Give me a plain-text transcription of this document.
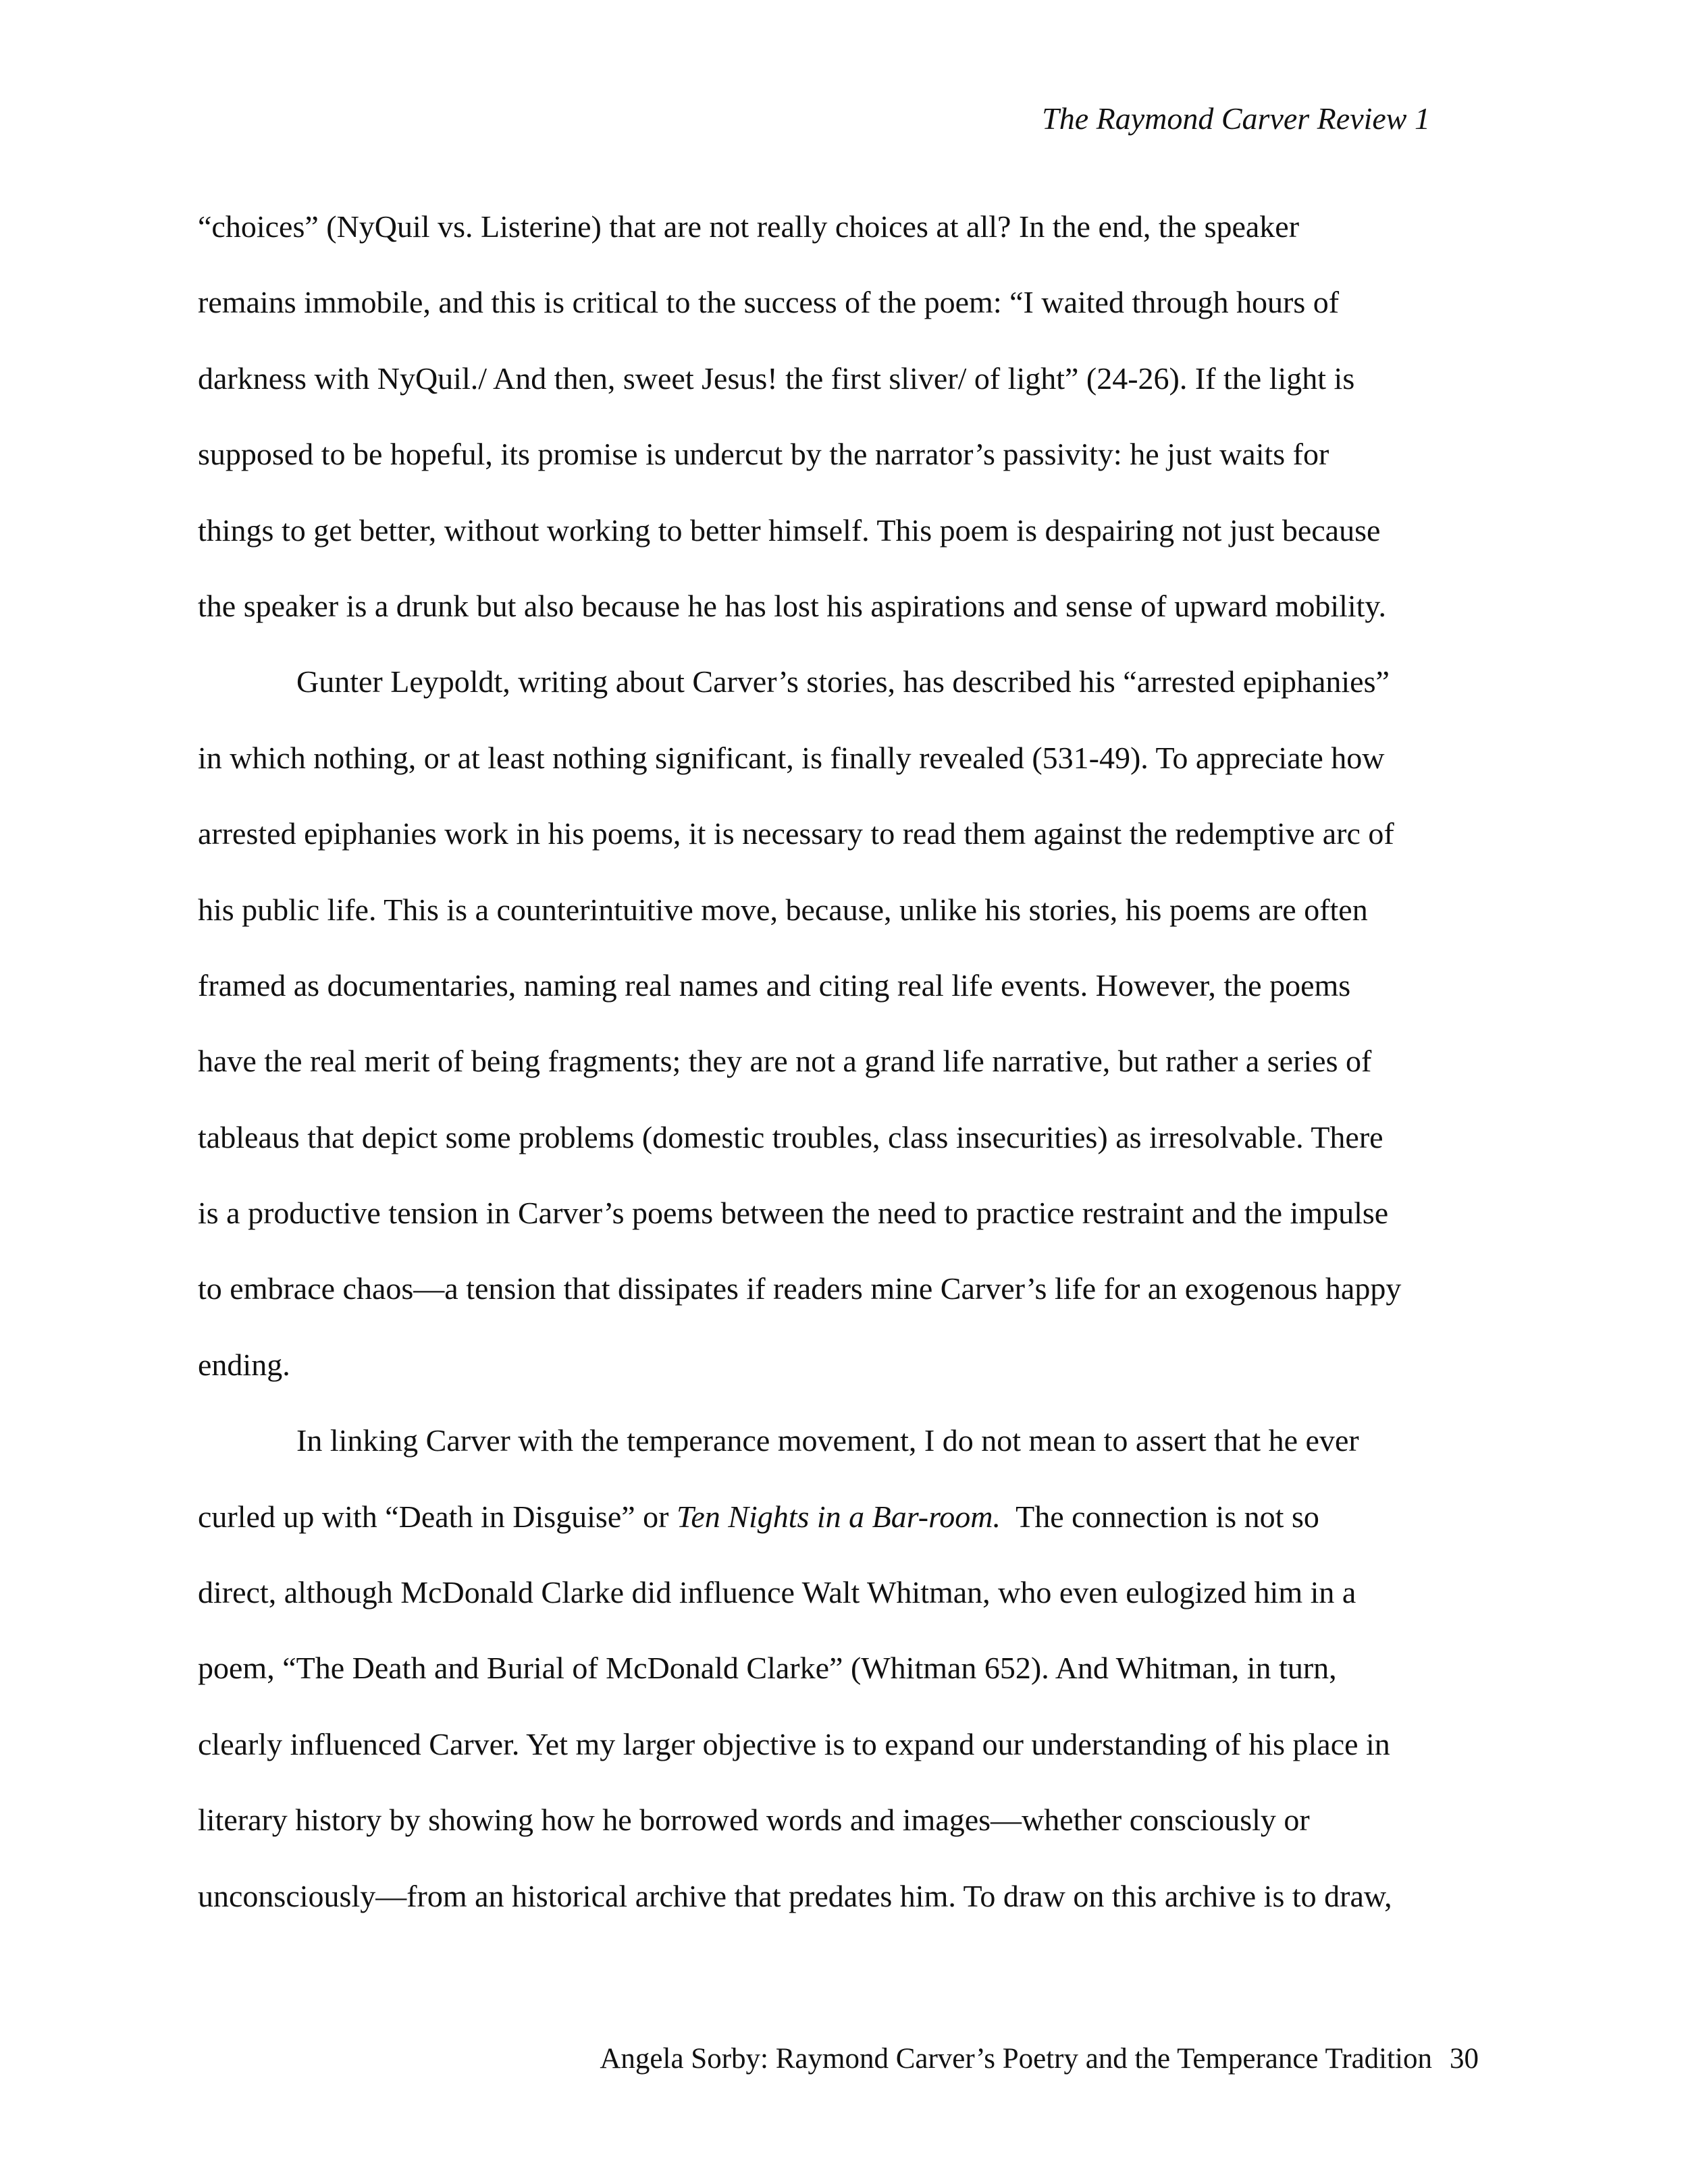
The Raymond Carver Review 1
“choices” (NyQuil vs. Listerine) that are not really choices at all? In the end, the speaker
remains immobile, and this is critical to the success of the poem: “I waited through hours of
darkness with NyQuil./ And then, sweet Jesus! the first sliver/ of light” (24-26). If the light is
supposed to be hopeful, its promise is undercut by the narrator’s passivity: he just waits for
things to get better, without working to better himself. This poem is despairing not just because
the speaker is a drunk but also because he has lost his aspirations and sense of upward mobility.
Gunter Leypoldt, writing about Carver’s stories, has described his “arrested epiphanies”
in which nothing, or at least nothing significant, is finally revealed (531-49). To appreciate how
arrested epiphanies work in his poems, it is necessary to read them against the redemptive arc of
his public life. This is a counterintuitive move, because, unlike his stories, his poems are often
framed as documentaries, naming real names and citing real life events. However, the poems
have the real merit of being fragments; they are not a grand life narrative, but rather a series of
tableaus that depict some problems (domestic troubles, class insecurities) as irresolvable. There
is a productive tension in Carver’s poems between the need to practice restraint and the impulse
to embrace chaos—a tension that dissipates if readers mine Carver’s life for an exogenous happy
ending.
In linking Carver with the temperance movement, I do not mean to assert that he ever
curled up with “Death in Disguise” or Ten Nights in a Bar-room.  The connection is not so
direct, although McDonald Clarke did influence Walt Whitman, who even eulogized him in a
poem, “The Death and Burial of McDonald Clarke” (Whitman 652). And Whitman, in turn,
clearly influenced Carver. Yet my larger objective is to expand our understanding of his place in
literary history by showing how he borrowed words and images—whether consciously or
unconsciously—from an historical archive that predates him. To draw on this archive is to draw,
Angela Sorby: Raymond Carver’s Poetry and the Temperance Tradition 30
